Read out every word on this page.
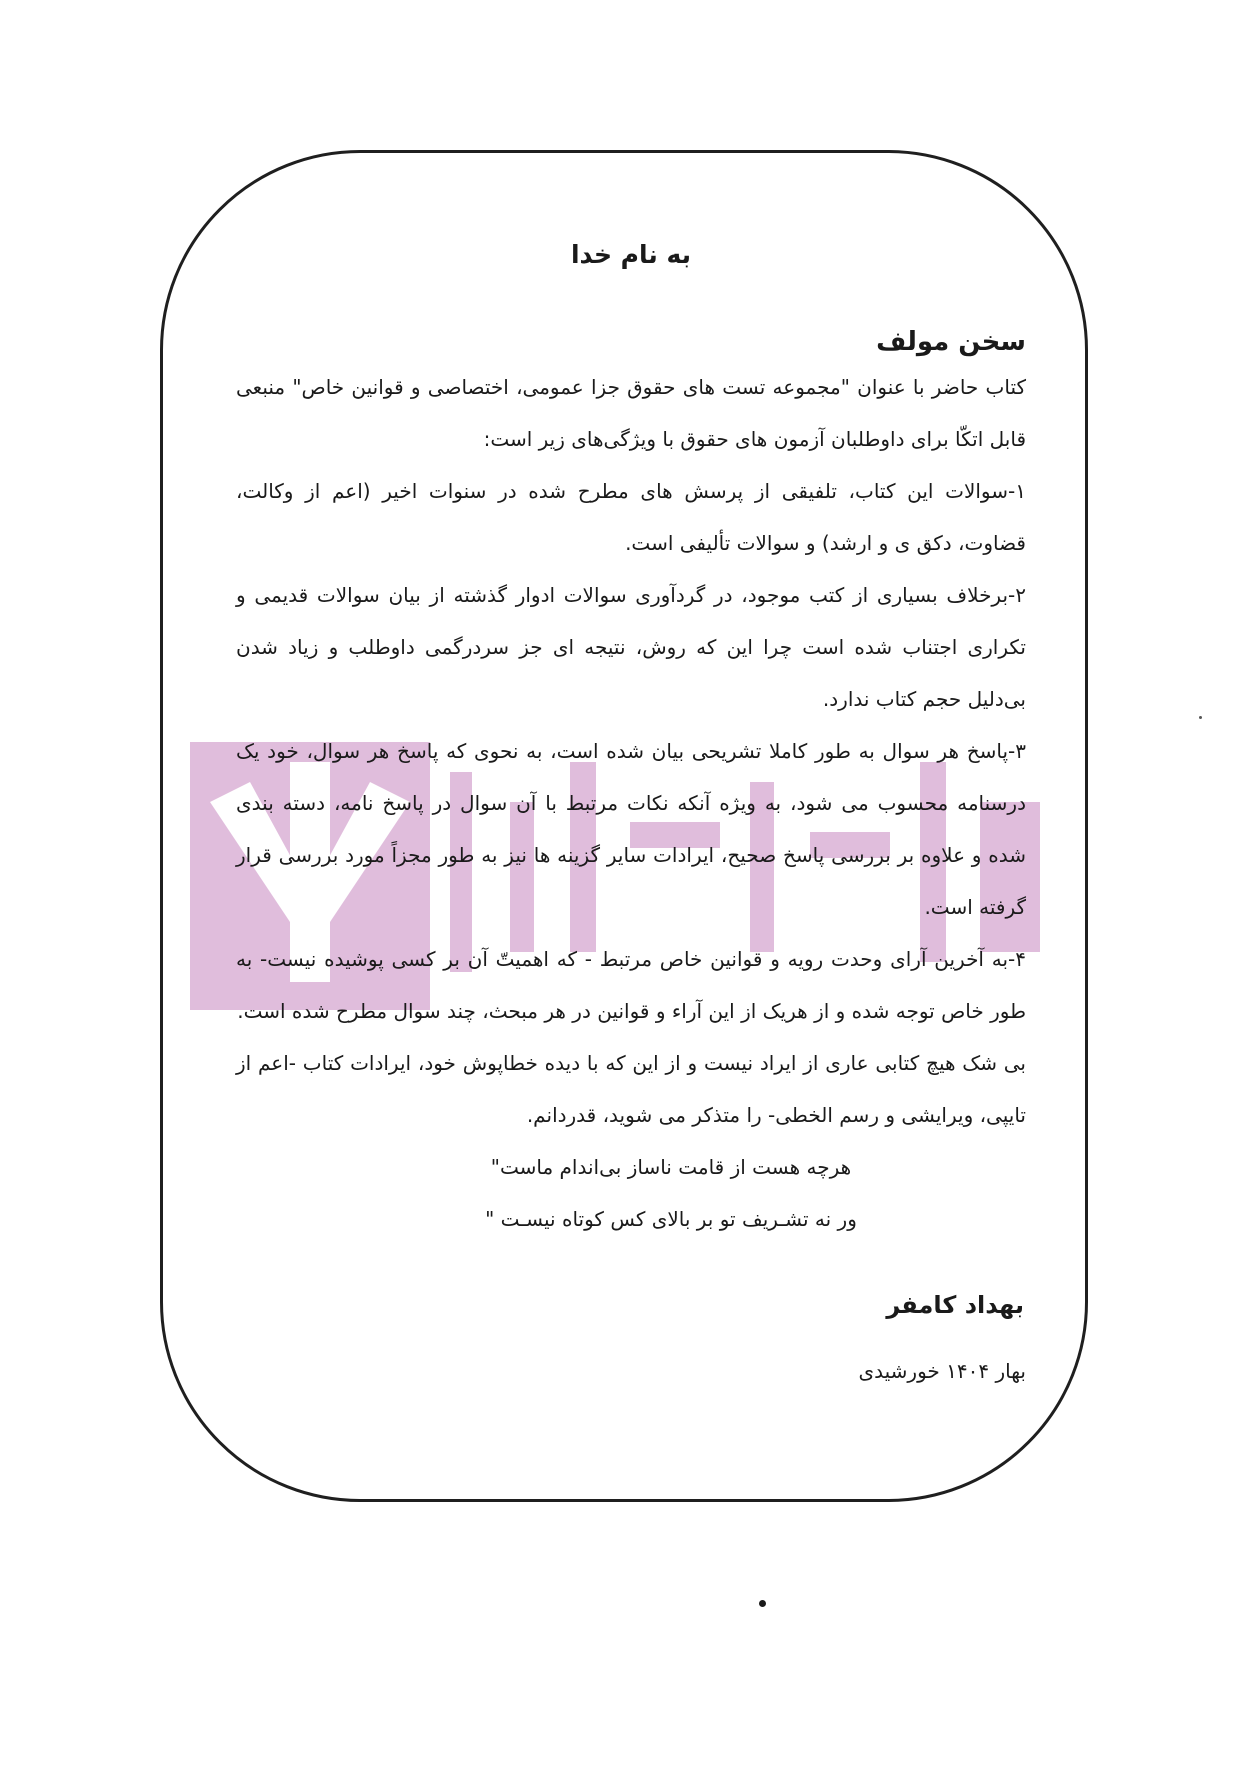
به نام خدا
سخن مولف

کتاب حاضر با عنوان "مجموعه تست های حقوق جزا عمومی، اختصاصی و قوانین خاص" منبعی قابل اتکّا برای داوطلبان آزمون های حقوق با ویژگی‌های زیر است:

۱-سوالات این کتاب، تلفیقی از پرسش های مطرح شده در سنوات اخیر (اعم از وکالت، قضاوت، دکق ی و ارشد) و سوالات تألیفی است.

۲-برخلاف بسیاری از کتب موجود، در گردآوری سوالات ادوار گذشته از بیان سوالات قدیمی و تکراری اجتناب شده است چرا این که روش، نتیجه ای جز سردرگمی داوطلب و زیاد شدن بی‌دلیل حجم کتاب ندارد.

۳-پاسخ هر سوال به طور کاملا تشریحی بیان شده است، به نحوی که پاسخ هر سوال، خود یک درسنامه محسوب می شود، به ویژه آنکه نکات مرتبط با آن سوال در پاسخ نامه، دسته بندی شده و علاوه بر بررسی پاسخ صحیح، ایرادات سایر گزینه ها نیز به طور مجزاً مورد بررسی قرار گرفته است.

۴-به آخرین آرای وحدت رویه و قوانین خاص مرتبط - که اهمیتّ آن بر کسی پوشیده نیست- به طور خاص توجه شده و از هریک از این آراء و قوانین در هر مبحث، چند سوال مطرح شده است.

بی شک هیچ کتابی عاری از ایراد نیست و از این که با دیده خطاپوش خود، ایرادات کتاب -اعم از تایپی، ویرایشی و رسم الخطی- را متذکر می شوید، قدردانم.

هرچه هست از قامت ناساز بی‌اندام ماست"

ور نه تشـریف تو بر بالای کس کوتاه نیسـت "

بهداد کامفر

بهار ۱۴۰۴ خورشیدی
